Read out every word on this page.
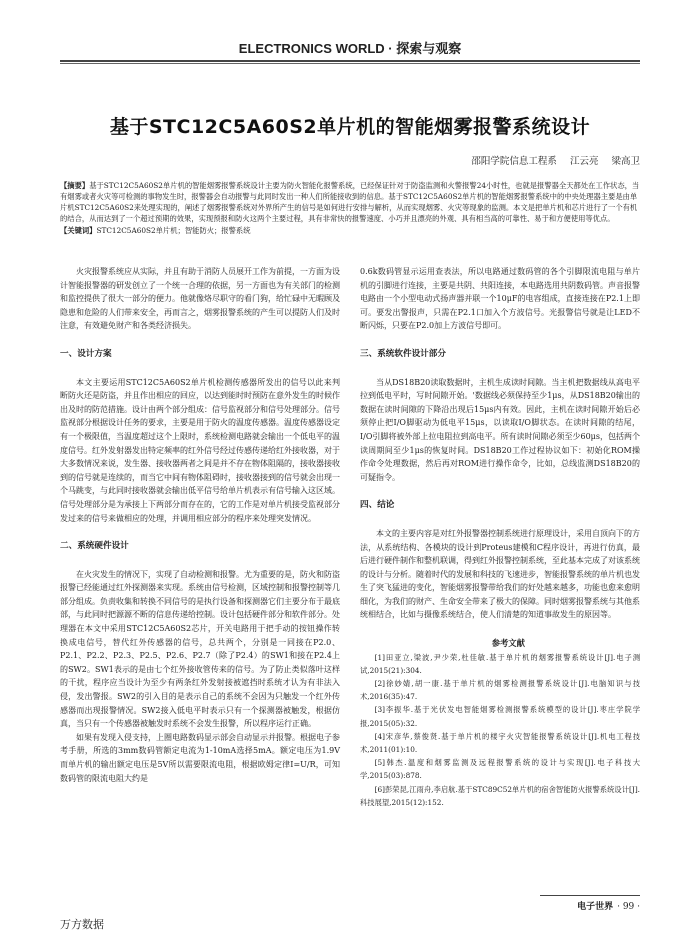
ELECTRONICS WORLD · 探索与观察
基于STC12C5A60S2单片机的智能烟雾报警系统设计
邵阳学院信息工程系 江云亮 梁高卫
【摘要】基于STC12C5A60S2单片机的智能烟雾报警系统设计主要为防火智能化报警系统，已经保证针对于防盗监测和火警报警24小时性，也就是报警器全天都处在工作状态，当有烟雾或者火灾等可检测的事物发生时，报警器会自动报警与此同时发出一种人们所能接收到的信息。基于STC12C5A60S2单片机的智能烟雾报警系统中的中央处理器主要是由单片机STC12C5A60S2来处理实现的，阐述了烟雾报警系统对外界所产生的信号是如何进行安排与解析，从而实现烟雾、火灾等现象的监测。本文是把单片机和芯片进行了一个有机的结合，从而达到了一个超过预期的效果，实现预报和防火这两个主要过程，具有非常快的报警速度、小巧并且漂亮的外观、具有相当高的可靠性、易于和方便使用等优点。
【关键词】STC12C5A60S2单片机；智能防火；报警系统

火灾报警系统应从实际，并且有助于消防人员展开工作为前提，一方面为设计智能报警器的研发创立了一个统一合理的依据，另一方面也为有关部门的检测和监控提供了很大一部分的便力。他就像烙尽职守的看门狗，给忙碌中无暇顾及隐患和危险的人们带来安全，再而言之，烟雾报警系统的产生可以提防人们及时注意，有效避免财产和各类经济损失。

一、设计方案

本文主要运用STC12C5A60S2单片机检测传感器所发出的信号以此来判断防火还是防盗，并且作出相应的回应，以达到能时时预防在意外发生的时候作出及时的防范措施。设计由两个部分组成：信号监视部分和信号处理部分。信号监视部分根据设计任务的要求，主要是用于防火的温度传感器。温度传感器设定有一个极限值，当温度超过这个上限时，系统检测电路就会输出一个低电平的温度信号。红外发射器发出特定频率的红外信号经过传感传递给红外接收器，对于大多数情况来说，发生器、接收器两者之间是并不存在物体阻隔的，接收器接收到的信号就是连续的，而当它中间有物体阻碍时，接收器接到的信号就会出现一个马跳变，与此同时接收器就会输出低平信号给单片机表示有信号输入这区域。信号处理部分是为承接上下两部分而存在的，它的工作是对单片机接受监视部分发过来的信号来做相应的处理，并调用相应部分的程序来处理突发情况。

二、系统硬件设计

在火灾发生的情况下，实现了自动检测和报警。尤为重要的是，防火和防盗报警已经能通过红外探测器来实现。系统由信号检测，区域控制和报警控制等几部分组成。负责收集和转换不同信号的是执行设备和探测器它们主要分布于最底部，与此同时把源源不断的信息传递给控制。设计包括硬件部分和软件部分。处理器在本文中采用STC12C5A60S2芯片，开关电路用于把手动的按钮操作转换成电信号，替代红外传感器的信号，总共两个，分别是一同接在P2.0、P2.1、P2.2、P2.3、P2.5、P2.6、P2.7（除了P2.4）的SW1和接在P2.4上的SW2。SW1表示的是由七个红外接收管传来的信号。为了防止类似落叶这样的干扰，程序应当设计为至少有两条红外发射接被遮挡时系统才认为有非法入侵，发出警报。SW2的引入目的是表示自己的系统不会因为只触发一个红外传感器而出现报警情况。SW2接入低电平时表示只有一个探测器被触发，根据仿真，当只有一个传感器被触发时系统不会发生报警，所以程序运行正确。

如果有发现入侵支持，上圈电路数码显示部会自动显示并报警。根据电子参考手册，所选的3mm数码管额定电流为1-10mA选择5mA。额定电压为1.9V而单片机的输出额定电压是5V所以需要限流电阻，根据欧姆定律I=U/R，可知数码管的限流电阻大约是

0.6k数码管显示运用查表法，所以电路通过数码管的各个引脚限流电阻与单片机的引脚进行连接，主要是共阴、共阳连接，本电路选用共阴数码管。声音报警电路由一个小型电动式扬声器并联一个10μF的电容组成，直接连接在P2.1上即可。要发出警报声，只需在P2.1口加入个方波信号。光报警信号就是让LED不断闪烁，只要在P2.0加上方波信号即可。

三、系统软件设计部分

当从DS18B20读取数据时，主机生成读时间隙。当主机把数据线从高电平拉到低电平时，写时间隙开始。'数据线必须保持至少1μs，从DS18B20输出的数据在读时间隙的下降沿出现后15μs内有效。因此，主机在读时间隙开始后必须停止把I/O脚驱动为低电平15μs，以读取I/O脚状态。在读时间隙的结尾，I/O引脚将被外部上拉电阻拉到高电平。所有读时间隙必须至少60μs，包括两个读周期间至少1μs的恢复时间。DS18B20工作过程协议如下：初始化ROM操作命令处理数据，然后再对ROM进行操作命令，比如，总线监测DS18B20的可疑指令。

四、结论

本文的主要内容是对红外报警器控制系统进行原理设计，采用自顶向下的方法，从系统结构、各模块的设计到Proteus建模和C程序设计，再进行仿真，最后进行硬件制作和整机联调，得到红外报警控制系统，至此基本完成了对该系统的设计与分析。随着时代的发展和科技的飞速进步，智能报警系统的单片机也发生了突飞猛进的变化，智能烟雾报警带给我们的好处越来越多，功能也愈来愈明细化，为我们的财产、生命安全带来了极大的保障。同时烟雾报警系统与其他系统相结合，比如与摄像系统结合，使人们清楚的知道事故发生的原因等。

参考文献

[1]田亚立,梁波,尹少荣,杜佳敏.基于单片机的烟雾报警系统设计[J].电子测试,2015(21):304.

[2]徐妙婧,胡一康.基于单片机的烟雾检测报警系统设计[J].电脑知识与技术,2016(35):47.

[3]李振华.基于光伏发电智能烟雾检测报警系统模型的设计[J].枣庄学院学报,2015(05):32.

[4]宋彦华,蔡俊贤.基于单片机的楼宇火灾智能报警系统设计[J].机电工程技术,2011(01):10.

[5]韩杰.温度和烟雾监测及远程报警系统的设计与实现[J].电子科技大学,2015(03):878.

[6]彭荣昆,江雨舟,李启航.基于STC89C52单片机的宿舍智能防火报警系统设计[J].科技展望,2015(12):152.

电子世界 · 99 ·
万方数据
